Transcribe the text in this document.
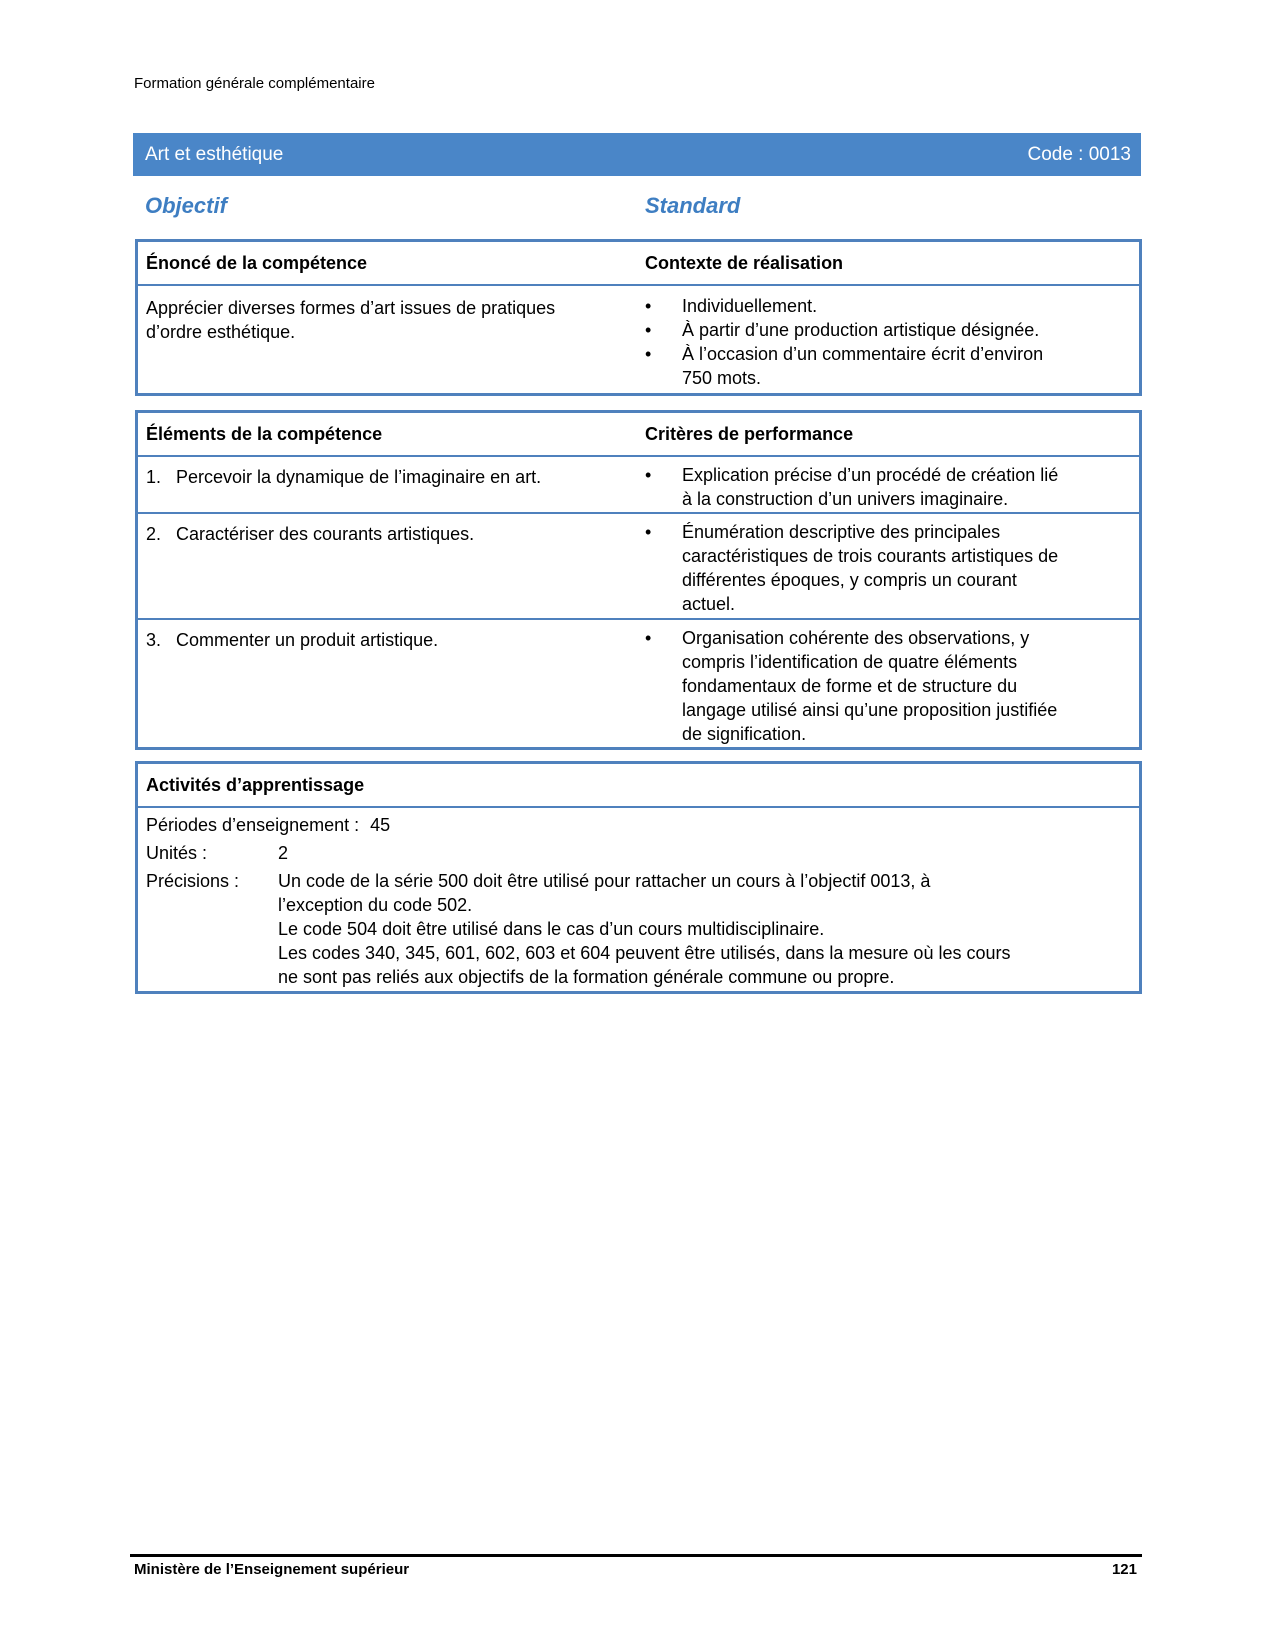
Formation générale complémentaire
Art et esthétique	Code : 0013
Objectif	Standard
Énoncé de la compétence	Contexte de réalisation
Apprécier diverses formes d’art issues de pratiques
d’ordre esthétique.
• Individuellement.
• À partir d’une production artistique désignée.
• À l’occasion d’un commentaire écrit d’environ
750 mots.
Éléments de la compétence	Critères de performance
1. Percevoir la dynamique de l’imaginaire en art.	• Explication précise d’un procédé de création lié
à la construction d’un univers imaginaire.
2. Caractériser des courants artistiques.	• Énumération descriptive des principales
caractéristiques de trois courants artistiques de
différentes époques, y compris un courant
actuel.
3. Commenter un produit artistique.	• Organisation cohérente des observations, y
compris l’identification de quatre éléments
fondamentaux de forme et de structure du
langage utilisé ainsi qu’une proposition justifiée
de signification.
Activités d’apprentissage
Périodes d’enseignement : 45
Unités :	2
Précisions : Un code de la série 500 doit être utilisé pour rattacher un cours à l’objectif 0013, à
l’exception du code 502.
Le code 504 doit être utilisé dans le cas d’un cours multidisciplinaire.
Les codes 340, 345, 601, 602, 603 et 604 peuvent être utilisés, dans la mesure où les cours
ne sont pas reliés aux objectifs de la formation générale commune ou propre.
Ministère de l’Enseignement supérieur	121
